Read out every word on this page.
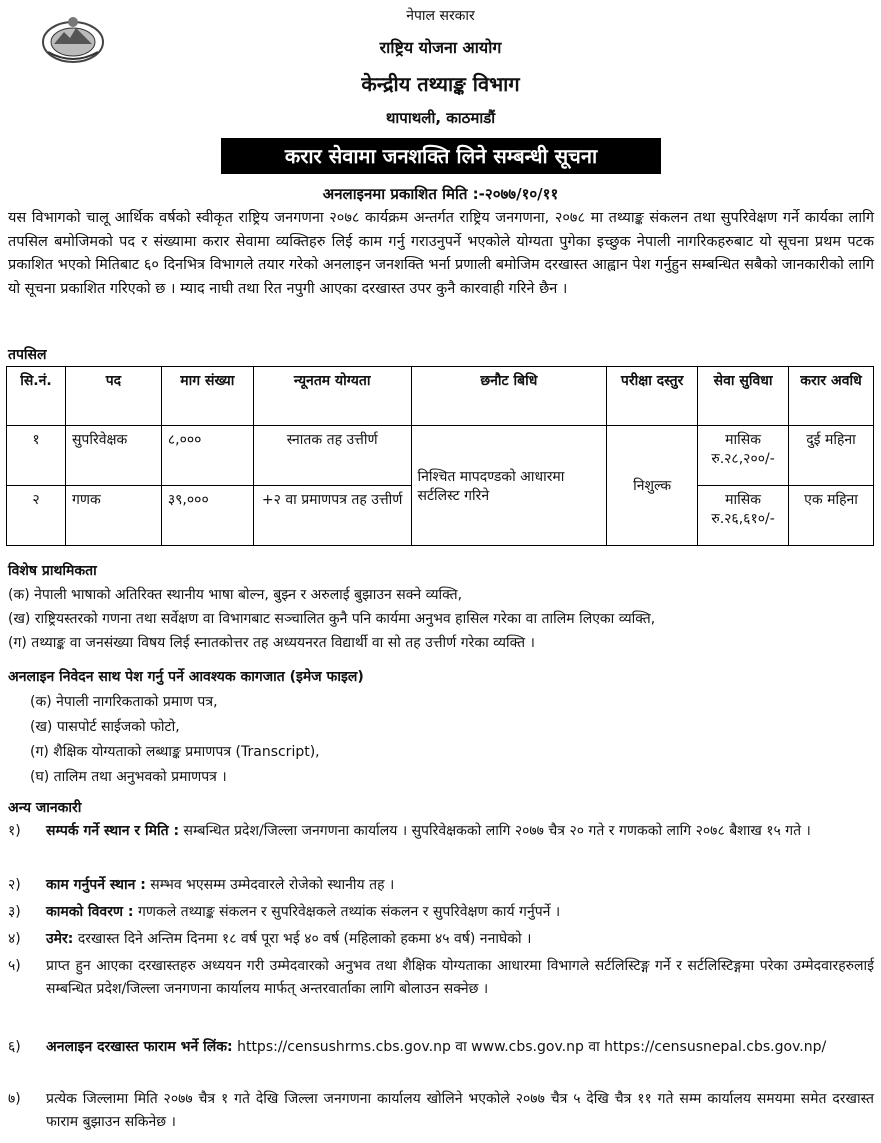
नेपाल सरकार
राष्ट्रिय योजना आयोग
केन्द्रीय तथ्याङ्क विभाग
थापाथली, काठमाडौं
करार सेवामा जनशक्ति लिने सम्बन्धी सूचना
अनलाइनमा प्रकाशित मिति :-२०७७/१०/११
यस विभागको चालू आर्थिक वर्षको स्वीकृत राष्ट्रिय जनगणना २०७८ कार्यक्रम अन्तर्गत राष्ट्रिय जनगणना, २०७८ मा तथ्याङ्क संकलन तथा सुपरिवेक्षण गर्ने कार्यका लागि तपसिल बमोजिमको पद र संख्यामा करार सेवामा व्यक्तिहरु लिई काम गर्नु गराउनुपर्ने भएकोले योग्यता पुगेका इच्छुक नेपाली नागरिकहरुबाट यो सूचना प्रथम पटक प्रकाशित भएको मितिबाट ६० दिनभित्र विभागले तयार गरेको अनलाइन जनशक्ति भर्ना प्रणाली बमोजिम दरखास्त आह्वान पेश गर्नुहुन सम्बन्धित सबैको जानकारीको लागि यो सूचना प्रकाशित गरिएको छ । म्याद नाघी तथा रित नपुगी आएका दरखास्त उपर कुनै कारवाही गरिने छैन ।
तपसिल
सि.नं.	पद	माग संख्या	न्यूनतम योग्यता	छनौट बिधि	परीक्षा दस्तुर	सेवा सुविधा	करार अवधि
१	सुपरिवेक्षक	८,०००	स्नातक तह उत्तीर्ण	निश्चित मापदण्डको आधारमा सर्टलिस्ट गरिने	निशुल्क	मासिक रु.२८,२००/-	दुई महिना
२	गणक	३९,०००	+२ वा प्रमाणपत्र तह उत्तीर्ण			मासिक रु.२६,६१०/-	एक महिना
विशेष प्राथमिकता
(क) नेपाली भाषाको अतिरिक्त स्थानीय भाषा बोल्न, बुझ्न र अरुलाई बुझाउन सक्ने व्यक्ति,
(ख) राष्ट्रियस्तरको गणना तथा सर्वेक्षण वा विभागबाट सञ्चालित कुनै पनि कार्यमा अनुभव हासिल गरेका वा तालिम लिएका व्यक्ति,
(ग) तथ्याङ्क वा जनसंख्या विषय लिई स्नातकोत्तर तह अध्ययनरत विद्यार्थी वा सो तह उत्तीर्ण गरेका व्यक्ति ।
अनलाइन निवेदन साथ पेश गर्नु पर्ने आवश्यक कागजात (इमेज फाइल)
(क) नेपाली नागरिकताको प्रमाण पत्र,
(ख) पासपोर्ट साईजको फोटो,
(ग) शैक्षिक योग्यताको लब्धाङ्क प्रमाणपत्र (Transcript),
(घ) तालिम तथा अनुभवको प्रमाणपत्र ।
अन्य जानकारी
१)	सम्पर्क गर्ने स्थान र मिति : सम्बन्धित प्रदेश/जिल्ला जनगणना कार्यालय । सुपरिवेक्षकको लागि २०७७ चैत्र २० गते र गणकको लागि २०७८ बैशाख १५ गते ।
२)	काम गर्नुपर्ने स्थान : सम्भव भएसम्म उम्मेदवारले रोजेको स्थानीय तह ।
३)	कामको विवरण : गणकले तथ्याङ्क संकलन र सुपरिवेक्षकले तथ्यांक संकलन र सुपरिवेक्षण कार्य गर्नुपर्ने ।
४)	उमेर: दरखास्त दिने अन्तिम दिनमा १८ वर्ष पूरा भई ४० वर्ष (महिलाको हकमा ४५ वर्ष) ननाघेको ।
५)	प्राप्त हुन आएका दरखास्तहरु अध्ययन गरी उम्मेदवारको अनुभव तथा शैक्षिक योग्यताका आधारमा विभागले सर्टलिस्टिङ्ग गर्ने र सर्टलिस्टिङ्गमा परेका उम्मेदवारहरुलाई सम्बन्धित प्रदेश/जिल्ला जनगणना कार्यालय मार्फत् अन्तरवार्ताका लागि बोलाउन सक्नेछ ।
६)	अनलाइन दरखास्त फाराम भर्ने लिंक: https://censushrms.cbs.gov.np वा www.cbs.gov.np वा https://censusnepal.cbs.gov.np/
७)	प्रत्येक जिल्लामा मिति २०७७ चैत्र १ गते देखि जिल्ला जनगणना कार्यालय खोलिने भएकोले २०७७ चैत्र ५ देखि चैत्र ११ गते सम्म कार्यालय समयमा समेत दरखास्त फाराम बुझाउन सकिनेछ ।
